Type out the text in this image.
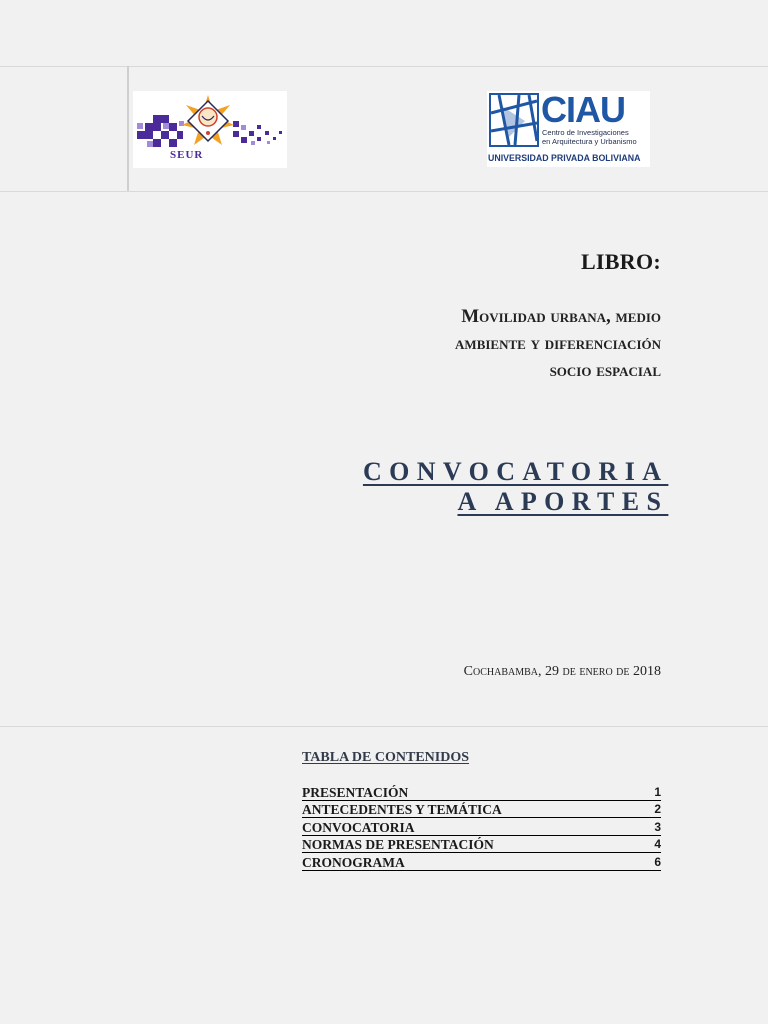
SEUR
CIAU
Centro de Investigaciones
en Arquitectura y Urbanismo
UNIVERSIDAD PRIVADA BOLIVIANA
LIBRO:
Movilidad urbana, medio
ambiente y diferenciación
socio espacial
CONVOCATORIA
A APORTES
Cochabamba, 29 de enero de 2018
TABLA DE CONTENIDOS
PRESENTACIÓN	1
ANTECEDENTES Y TEMÁTICA	2
CONVOCATORIA	3
NORMAS DE PRESENTACIÓN	4
CRONOGRAMA	6
